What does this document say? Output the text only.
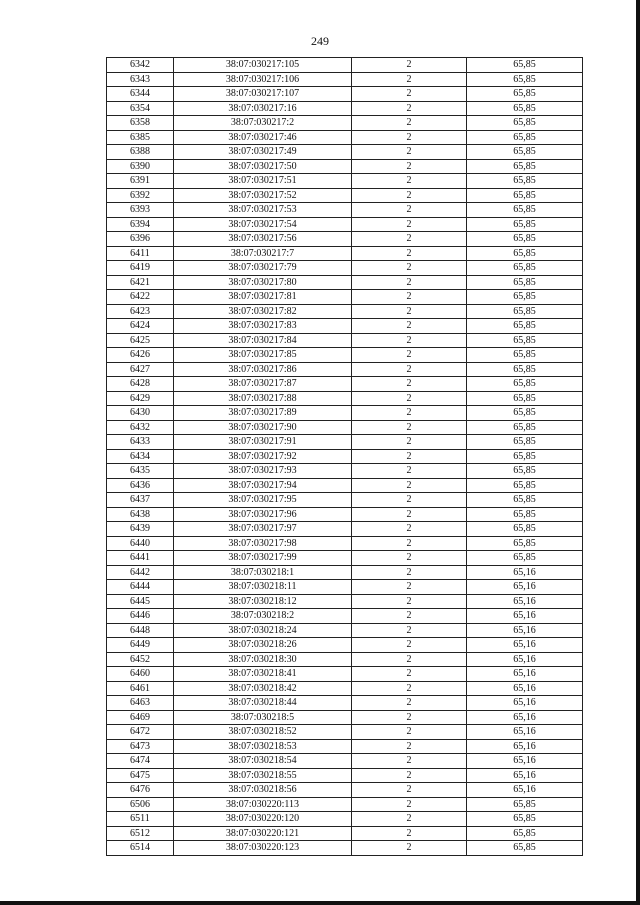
249
6342	38:07:030217:105	2	65,85
6343	38:07:030217:106	2	65,85
6344	38:07:030217:107	2	65,85
6354	38:07:030217:16	2	65,85
6358	38:07:030217:2	2	65,85
6385	38:07:030217:46	2	65,85
6388	38:07:030217:49	2	65,85
6390	38:07:030217:50	2	65,85
6391	38:07:030217:51	2	65,85
6392	38:07:030217:52	2	65,85
6393	38:07:030217:53	2	65,85
6394	38:07:030217:54	2	65,85
6396	38:07:030217:56	2	65,85
6411	38:07:030217:7	2	65,85
6419	38:07:030217:79	2	65,85
6421	38:07:030217:80	2	65,85
6422	38:07:030217:81	2	65,85
6423	38:07:030217:82	2	65,85
6424	38:07:030217:83	2	65,85
6425	38:07:030217:84	2	65,85
6426	38:07:030217:85	2	65,85
6427	38:07:030217:86	2	65,85
6428	38:07:030217:87	2	65,85
6429	38:07:030217:88	2	65,85
6430	38:07:030217:89	2	65,85
6432	38:07:030217:90	2	65,85
6433	38:07:030217:91	2	65,85
6434	38:07:030217:92	2	65,85
6435	38:07:030217:93	2	65,85
6436	38:07:030217:94	2	65,85
6437	38:07:030217:95	2	65,85
6438	38:07:030217:96	2	65,85
6439	38:07:030217:97	2	65,85
6440	38:07:030217:98	2	65,85
6441	38:07:030217:99	2	65,85
6442	38:07:030218:1	2	65,16
6444	38:07:030218:11	2	65,16
6445	38:07:030218:12	2	65,16
6446	38:07:030218:2	2	65,16
6448	38:07:030218:24	2	65,16
6449	38:07:030218:26	2	65,16
6452	38:07:030218:30	2	65,16
6460	38:07:030218:41	2	65,16
6461	38:07:030218:42	2	65,16
6463	38:07:030218:44	2	65,16
6469	38:07:030218:5	2	65,16
6472	38:07:030218:52	2	65,16
6473	38:07:030218:53	2	65,16
6474	38:07:030218:54	2	65,16
6475	38:07:030218:55	2	65,16
6476	38:07:030218:56	2	65,16
6506	38:07:030220:113	2	65,85
6511	38:07:030220:120	2	65,85
6512	38:07:030220:121	2	65,85
6514	38:07:030220:123	2	65,85
